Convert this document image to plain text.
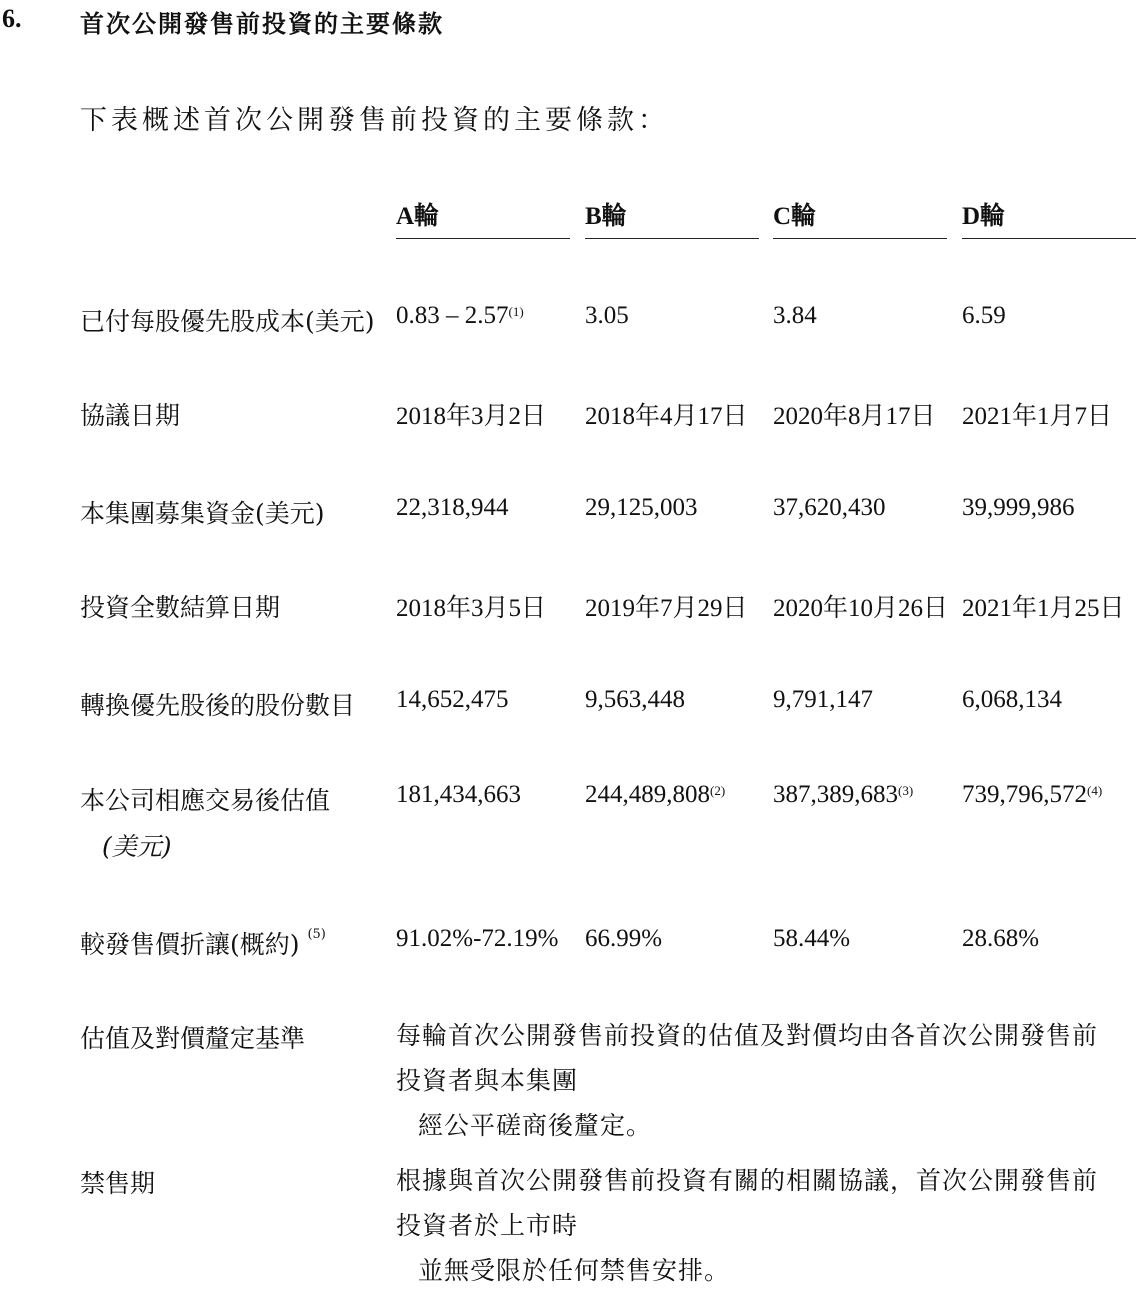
6. 首次公開發售前投資的主要條款
下表概述首次公開發售前投資的主要條款：
A輪	B輪	C輪	D輪
已付每股優先股成本(美元) 0.83 – 2.57$^{(1)}$ 3.05	3.84	6.59
協議日期	2018年3月2日 2018年4月17日 2020年8月17日 2021年1月7日
本集團募集資金(美元)	22,318,944	29,125,003	37,620,430	39,999,986
投資全數結算日期	2018年3月5日 2019年7月29日 2020年10月26日 2021年1月25日
轉換優先股後的股份數目 14,652,475	9,563,448	9,791,147	6,068,134
本公司相應交易後估值
(美元)
181,434,663	244,489,808$^{(2)}$ 387,389,683$^{(3)}$ 739,796,572$^{(4)}$
較發售價折讓(概約) $^{(5)}$	91.02%-72.19% 66.99%	58.44%	28.68%
估值及對價釐定基準	每輪首次公開發售前投資的估值及對價均由各首次公開發售前投資者與本集團
經公平磋商後釐定。
禁售期	根據與首次公開發售前投資有關的相關協議，首次公開發售前投資者於上市時
並無受限於任何禁售安排。
